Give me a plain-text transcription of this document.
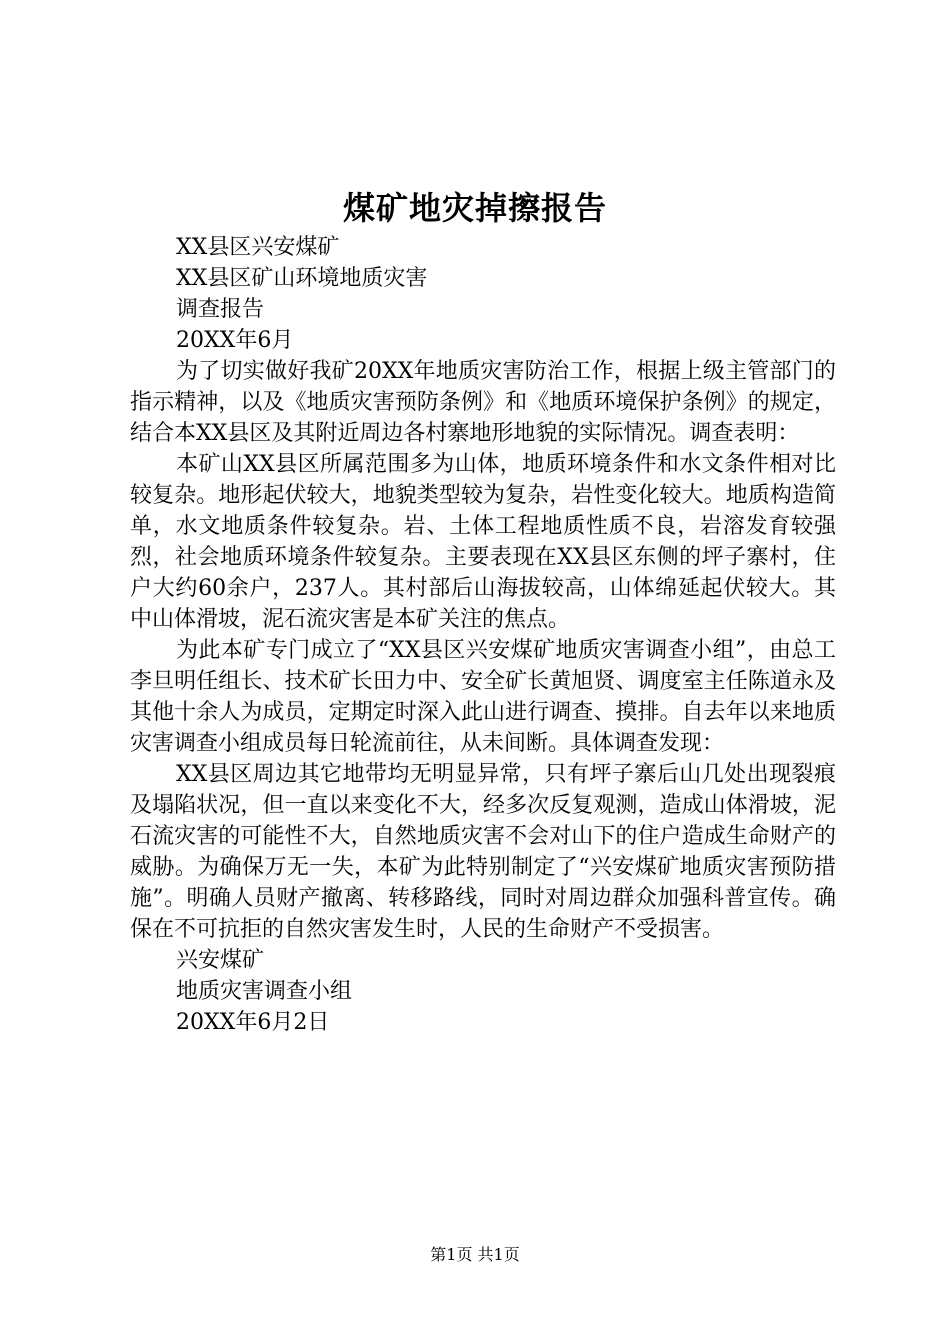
煤矿地灾掉擦报告

XX县区兴安煤矿

XX县区矿山环境地质灾害

调查报告

20XX年6月

为了切实做好我矿20XX年地质灾害防治工作，根据上级主管部门的指示精神，以及《地质灾害预防条例》和《地质环境保护条例》的规定，结合本XX县区及其附近周边各村寨地形地貌的实际情况。调查表明：

本矿山XX县区所属范围多为山体，地质环境条件和水文条件相对比较复杂。地形起伏较大，地貌类型较为复杂，岩性变化较大。地质构造简单，水文地质条件较复杂。岩、土体工程地质性质不良，岩溶发育较强烈，社会地质环境条件较复杂。主要表现在XX县区东侧的坪子寨村，住户大约60余户，237人。其村部后山海拔较高，山体绵延起伏较大。其中山体滑坡，泥石流灾害是本矿关注的焦点。

为此本矿专门成立了“XX县区兴安煤矿地质灾害调查小组”，由总工李旦明任组长、技术矿长田力中、安全矿长黄旭贤、调度室主任陈道永及其他十余人为成员，定期定时深入此山进行调查、摸排。自去年以来地质灾害调查小组成员每日轮流前往，从未间断。具体调查发现：

XX县区周边其它地带均无明显异常，只有坪子寨后山几处出现裂痕及塌陷状况，但一直以来变化不大，经多次反复观测，造成山体滑坡，泥石流灾害的可能性不大，自然地质灾害不会对山下的住户造成生命财产的威胁。为确保万无一失，本矿为此特别制定了“兴安煤矿地质灾害预防措施”。明确人员财产撤离、转移路线，同时对周边群众加强科普宣传。确保在不可抗拒的自然灾害发生时，人民的生命财产不受损害。

兴安煤矿

地质灾害调查小组

20XX年6月2日

第1页 共1页
